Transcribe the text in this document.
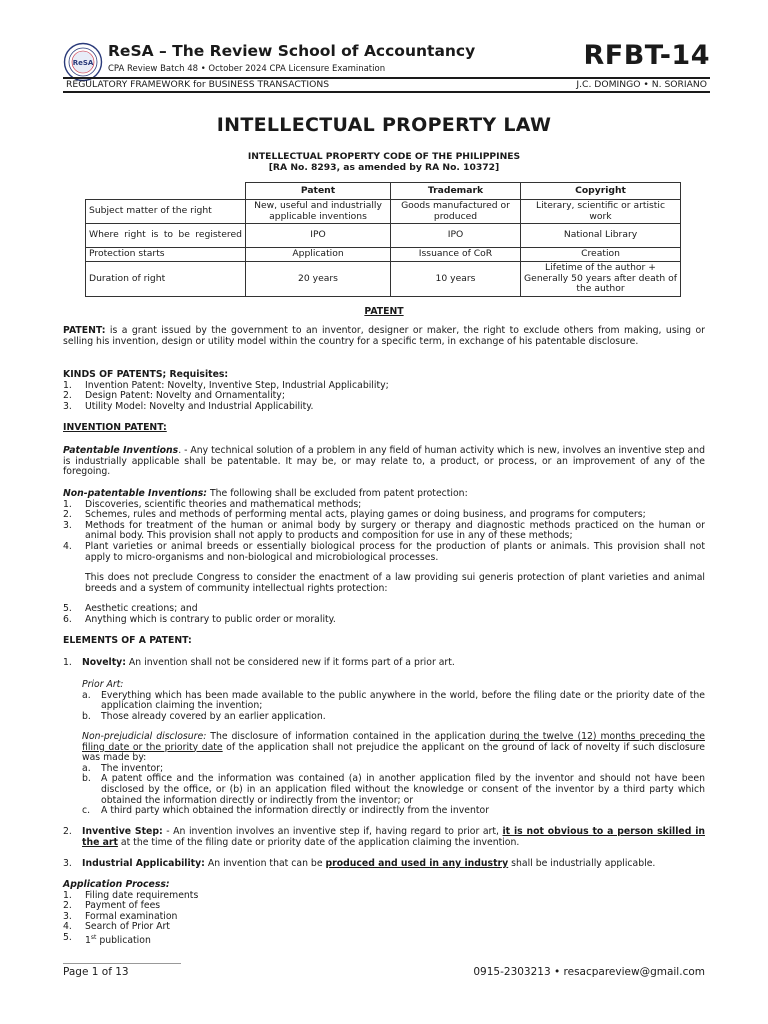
ReSA
ReSA – The Review School of Accountancy
CPA Review Batch 48 • October 2024 CPA Licensure Examination	RFBT-14
REGULATORY FRAMEWORK for BUSINESS TRANSACTIONS	J.C. DOMINGO • N. SORIANO
INTELLECTUAL PROPERTY LAW
INTELLECTUAL PROPERTY CODE OF THE PHILIPPINES
[RA No. 8293, as amended by RA No. 10372]
	Patent	Trademark	Copyright
Subject matter of the right	New, useful and industrially applicable inventions	Goods manufactured or produced	Literary, scientific or artistic work

Where right is to be registered	IPO	IPO	National Library
Protection starts	Application	Issuance of CoR	Creation
Duration of right	20 years	10 years	Lifetime of the author + Generally 50 years after death of the author
PATENT
PATENT: is a grant issued by the government to an inventor, designer or maker, the right to exclude others from making, using or selling his invention, design or utility model within the country for a specific term, in exchange of his patentable disclosure.
KINDS OF PATENTS; Requisites:
1. Invention Patent: Novelty, Inventive Step, Industrial Applicability;
2. Design Patent: Novelty and Ornamentality;
3. Utility Model: Novelty and Industrial Applicability.
INVENTION PATENT:
Patentable Inventions. - Any technical solution of a problem in any field of human activity which is new, involves an inventive step and is industrially applicable shall be patentable. It may be, or may relate to, a product, or process, or an improvement of any of the foregoing.
Non-patentable Inventions: The following shall be excluded from patent protection:
1. Discoveries, scientific theories and mathematical methods;
2. Schemes, rules and methods of performing mental acts, playing games or doing business, and programs for computers;
3. Methods for treatment of the human or animal body by surgery or therapy and diagnostic methods practiced on the human or animal body. This provision shall not apply to products and composition for use in any of these methods;
4. Plant varieties or animal breeds or essentially biological process for the production of plants or animals. This provision shall not apply to micro-organisms and non-biological and microbiological processes.
This does not preclude Congress to consider the enactment of a law providing sui generis protection of plant varieties and animal breeds and a system of community intellectual rights protection:
5. Aesthetic creations; and
6. Anything which is contrary to public order or morality.
ELEMENTS OF A PATENT:
1. Novelty: An invention shall not be considered new if it forms part of a prior art.
Prior Art:
a. Everything which has been made available to the public anywhere in the world, before the filing date or the priority date of the application claiming the invention;
b. Those already covered by an earlier application.
Non-prejudicial disclosure: The disclosure of information contained in the application during the twelve (12) months preceding the filing date or the priority date of the application shall not prejudice the applicant on the ground of lack of novelty if such disclosure was made by:
a. The inventor;
b. A patent office and the information was contained (a) in another application filed by the inventor and should not have been disclosed by the office, or (b) in an application filed without the knowledge or consent of the inventor by a third party which obtained the information directly or indirectly from the inventor; or
c. A third party which obtained the information directly or indirectly from the inventor
2. Inventive Step: - An invention involves an inventive step if, having regard to prior art, it is not obvious to a person skilled in the art at the time of the filing date or priority date of the application claiming the invention.
3. Industrial Applicability: An invention that can be produced and used in any industry shall be industrially applicable.
Application Process:
1. Filing date requirements
2. Payment of fees
3. Formal examination
4. Search of Prior Art
5. 1st publication
Page 1 of 13	0915-2303213 • resacpareview@gmail.com
